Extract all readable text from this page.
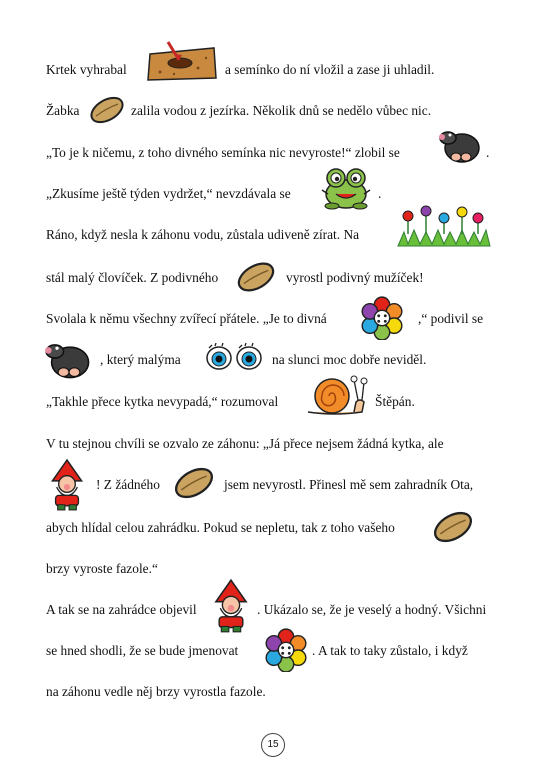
Krtek vyhrabal	a semínko do ní vložil a zase ji uhladil.
Žabka	zalila vodou z jezírka. Několik dnů se nedělo vůbec nic.
„To je k ničemu, z toho divného semínka nic nevyroste!“ zlobil se	.
„Zkusíme ještě týden vydržet,“ nevzdávala se	.
Ráno, když nesla k záhonu vodu, zůstala udiveně zírat. Na
stál malý človíček. Z podivného	vyrostl podivný mužíček!
Svolala k němu všechny zvířecí přátele. „Je to divná	,“ podivil se
, který malýma	na slunci moc dobře neviděl.
„Takhle přece kytka nevypadá,“ rozumoval	Štěpán.
V tu stejnou chvíli se ozvalo ze záhonu: „Já přece nejsem žádná kytka, ale
! Z žádného	jsem nevyrostl. Přinesl mě sem zahradník Ota,
abych hlídal celou zahrádku. Pokud se nepletu, tak z toho vašeho
brzy vyroste fazole.“
A tak se na zahrádce objevil	. Ukázalo se, že je veselý a hodný. Všichni
se hned shodli, že se bude jmenovat	. A tak to taky zůstalo, i když
na záhonu vedle něj brzy vyrostla fazole.
15
